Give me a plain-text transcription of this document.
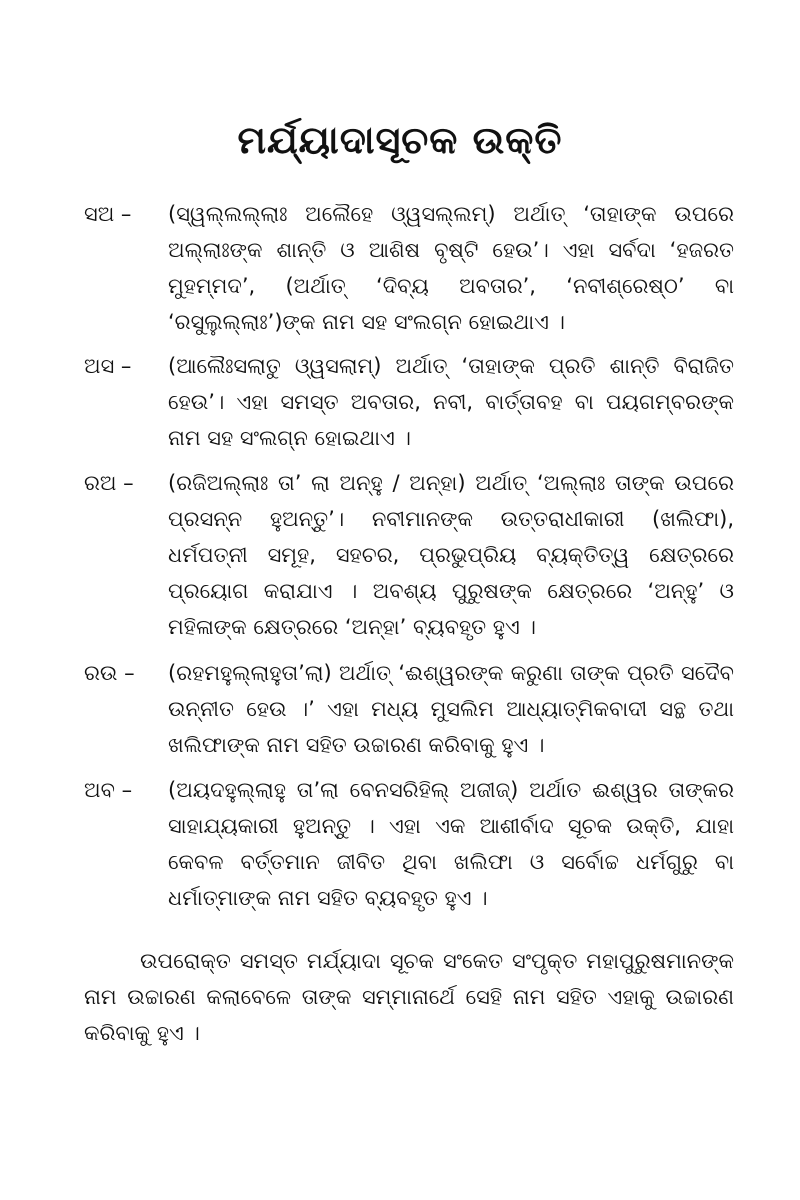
ମର୍ଯ୍ୟାଦାସୂଚକ ଉକ୍ତି
ସଅ –	(ସ୍ୱଲ୍ଲଲ୍ଲାଃ ଅଲୈହେ ଓ୍ୱସଲ୍ଲମ୍) ଅର୍ଥାତ୍ ‘ତାହାଙ୍କ ଉପରେ ଅଲ୍ଲାଃଙ୍କ ଶାନ୍ତି ଓ ଆଶିଷ ବୃଷ୍ଟି ହେଉ’। ଏହା ସର୍ବଦା ‘ହଜରତ ମୁହମ୍ମଦ’, (ଅର୍ଥାତ୍ ‘ଦିବ୍ୟ ଅବତାର’, ‘ନବୀଶ୍ରେଷ୍ଠ’ ବା ‘ରସୁଲୁଲ୍ଲାଃ’)ଙ୍କ ନାମ ସହ ସଂଲଗ୍ନ ହୋଇଥାଏ ।
ଅସ –	(ଆଲୈଃସଲାତୁ ଓ୍ୱସଲାମ୍) ଅର୍ଥାତ୍ ‘ତାହାଙ୍କ ପ୍ରତି ଶାନ୍ତି ବିରାଜିତ ହେଉ’। ଏହା ସମସ୍ତ ଅବତାର, ନବୀ, ବାର୍ତ୍ତାବହ ବା ପୟଗମ୍ବରଙ୍କ ନାମ ସହ ସଂଲଗ୍ନ ହୋଇଥାଏ ।
ରଅ –	(ରଜିଅଲ୍ଲାଃ ତା’ ଲା ଅନ୍‌ହୁ / ଅନ୍‌ହା) ଅର୍ଥାତ୍ ‘ଅଲ୍ଲାଃ ତାଙ୍କ ଉପରେ ପ୍ରସନ୍ନ ହୁଅନ୍ତୁ’। ନବୀମାନଙ୍କ ଉତ୍ତରାଧୀକାରୀ (ଖଲିଫା), ଧର୍ମପତ୍ନୀ ସମୂହ, ସହଚର, ପ୍ରଭୁପ୍ରିୟ ବ୍ୟକ୍ତିତ୍ୱ କ୍ଷେତ୍ରରେ ପ୍ରୟୋଗ କରାଯାଏ । ଅବଶ୍ୟ ପୁରୁଷଙ୍କ କ୍ଷେତ୍ରରେ ‘ଅନ୍‌ହୁ’ ଓ ମହିଳାଙ୍କ କ୍ଷେତ୍ରରେ ‘ଅନ୍‌ହା’ ବ୍ୟବହୃତ ହୁଏ ।
ରଉ –	(ରହମହୁଲ୍ଲାହୁତା’ଲା) ଅର୍ଥାତ୍ ‘ଈଶ୍ୱରଙ୍କ କରୁଣା ତାଙ୍କ ପ୍ରତି ସଦୈବ ଉନ୍ନୀତ ହେଉ ।’ ଏହା ମଧ୍ୟ ମୁସଲିମ ଆଧ୍ୟାତ୍ମିକବାଦୀ ସନ୍ଥ ତଥା ଖଲିଫାଙ୍କ ନାମ ସହିତ ଉଚ୍ଚାରଣ କରିବାକୁ ହୁଏ ।
ଅବ –	(ଅୟଦହୁଲ୍ଲାହୁ ତା’ଲା ବେନସରିହିଲ୍ ଅଜୀଜ୍) ଅର୍ଥାତ ଈଶ୍ୱର ତାଙ୍କର ସାହାଯ୍ୟକାରୀ ହୁଅନ୍ତୁ । ଏହା ଏକ ଆଶୀର୍ବାଦ ସୂଚକ ଉକ୍ତି, ଯାହା କେବଳ ବର୍ତ୍ତମାନ ଜୀବିତ ଥିବା ଖଲିଫା ଓ ସର୍ବୋଚ୍ଚ ଧର୍ମଗୁରୁ ବା ଧର୍ମାତ୍ମାଙ୍କ ନାମ ସହିତ ବ୍ୟବହୃତ ହୁଏ ।
ଉପରୋକ୍ତ ସମସ୍ତ ମର୍ଯ୍ୟାଦା ସୂଚକ ସଂକେତ ସଂପୃକ୍ତ ମହାପୁରୁଷମାନଙ୍କ ନାମ ଉଚ୍ଚାରଣ କଲାବେଳେ ତାଙ୍କ ସମ୍ମାନାର୍ଥେ ସେହି ନାମ ସହିତ ଏହାକୁ ଉଚ୍ଚାରଣ କରିବାକୁ ହୁଏ ।
